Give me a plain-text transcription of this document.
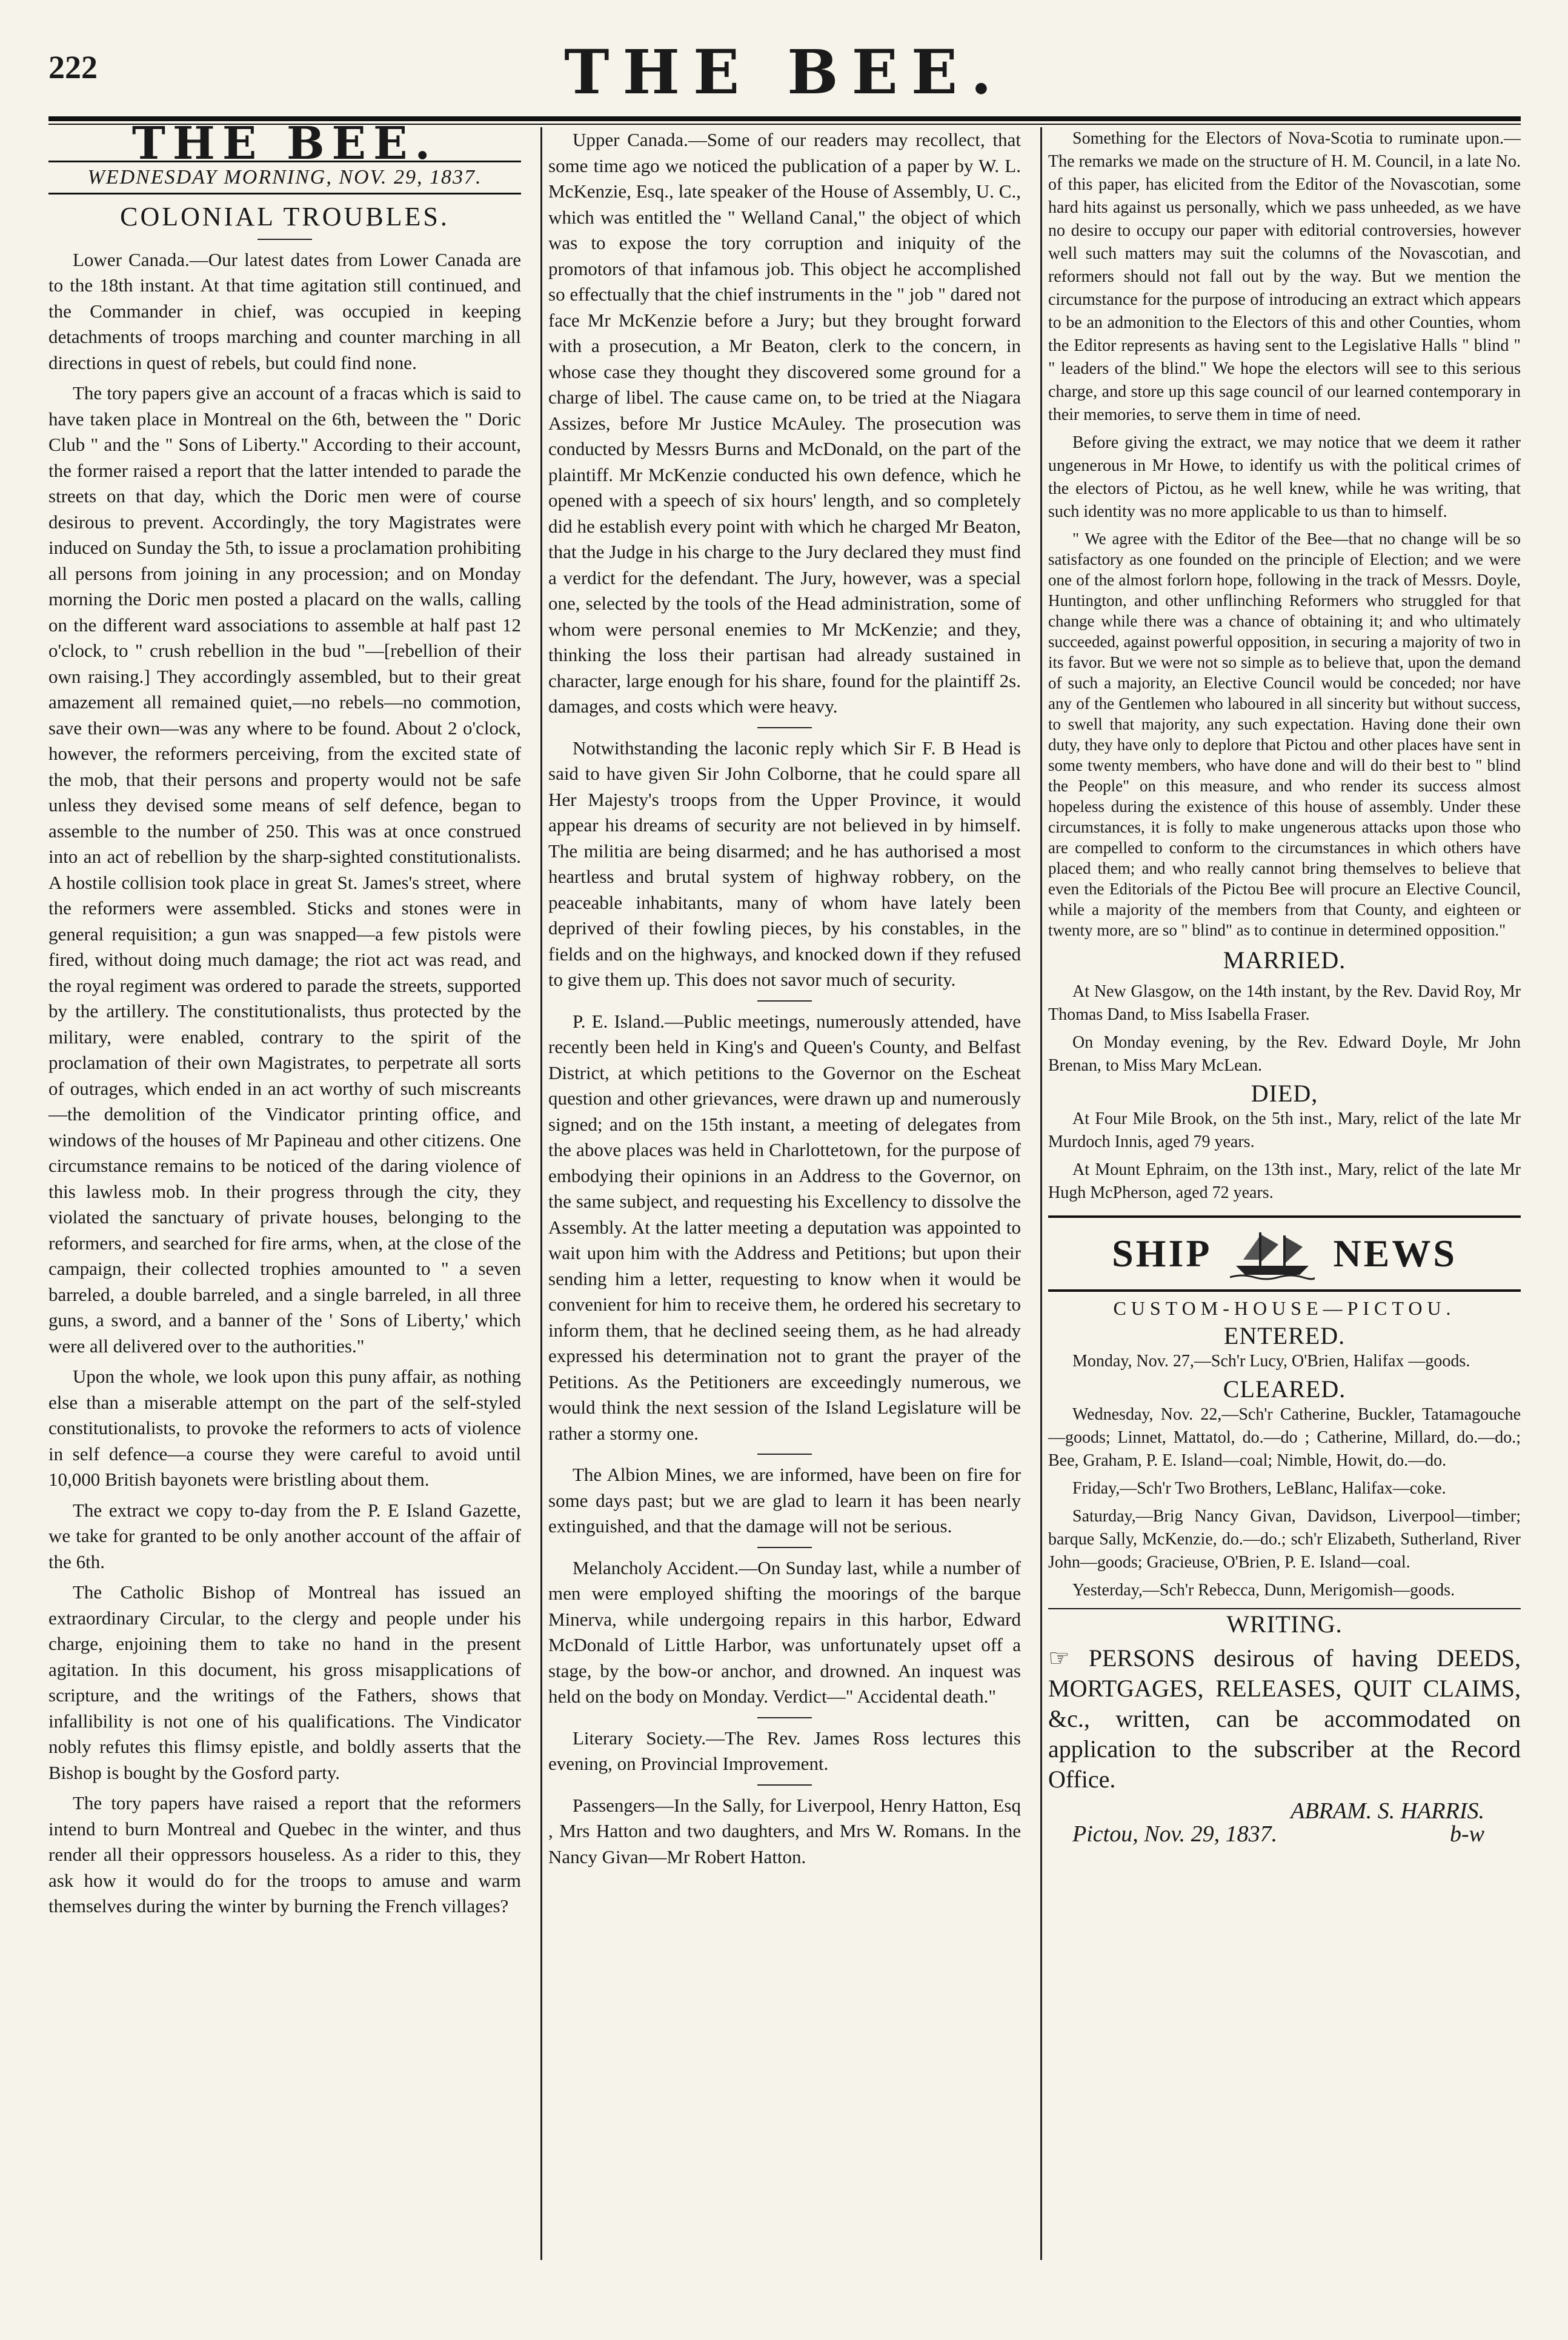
222	THE BEE.
THE BEE.
WEDNESDAY MORNING, NOV. 29, 1837.
COLONIAL TROUBLES.

Lower Canada.—Our latest dates from Lower Canada are to the 18th instant. At that time agitation still continued, and the Commander in chief, was occupied in keeping detachments of troops marching and counter marching in all directions in quest of rebels, but could find none.

The tory papers give an account of a fracas which is said to have taken place in Montreal on the 6th, between the " Doric Club " and the " Sons of Liberty." According to their account, the former raised a report that the latter intended to parade the streets on that day, which the Doric men were of course desirous to prevent. Accordingly, the tory Magistrates were induced on Sunday the 5th, to issue a proclamation prohibiting all persons from joining in any procession; and on Monday morning the Doric men posted a placard on the walls, calling on the different ward associations to assemble at half past 12 o'clock, to " crush rebellion in the bud "—[rebellion of their own raising.] They accordingly assembled, but to their great amazement all remained quiet,—no rebels—no commotion, save their own—was any where to be found. About 2 o'clock, however, the reformers perceiving, from the excited state of the mob, that their persons and property would not be safe unless they devised some means of self defence, began to assemble to the number of 250. This was at once construed into an act of rebellion by the sharp-sighted constitutionalists. A hostile collision took place in great St. James's street, where the reformers were assembled. Sticks and stones were in general requisition; a gun was snapped—a few pistols were fired, without doing much damage; the riot act was read, and the royal regiment was ordered to parade the streets, supported by the artillery. The constitutionalists, thus protected by the military, were enabled, contrary to the spirit of the proclamation of their own Magistrates, to perpetrate all sorts of outrages, which ended in an act worthy of such miscreants—the demolition of the Vindicator printing office, and windows of the houses of Mr Papineau and other citizens. One circumstance remains to be noticed of the daring violence of this lawless mob. In their progress through the city, they violated the sanctuary of private houses, belonging to the reformers, and searched for fire arms, when, at the close of the campaign, their collected trophies amounted to " a seven barreled, a double barreled, and a single barreled, in all three guns, a sword, and a banner of the ' Sons of Liberty,' which were all delivered over to the authorities."

Upon the whole, we look upon this puny affair, as nothing else than a miserable attempt on the part of the self-styled constitutionalists, to provoke the reformers to acts of violence in self defence—a course they were careful to avoid until 10,000 British bayonets were bristling about them.

The extract we copy to-day from the P. E Island Gazette, we take for granted to be only another account of the affair of the 6th.

The Catholic Bishop of Montreal has issued an extraordinary Circular, to the clergy and people under his charge, enjoining them to take no hand in the present agitation. In this document, his gross misapplications of scripture, and the writings of the Fathers, shows that infallibility is not one of his qualifications. The Vindicator nobly refutes this flimsy epistle, and boldly asserts that the Bishop is bought by the Gosford party.

The tory papers have raised a report that the reformers intend to burn Montreal and Quebec in the winter, and thus render all their oppressors houseless. As a rider to this, they ask how it would do for the troops to amuse and warm themselves during the winter by burning the French villages?

Upper Canada.—Some of our readers may recollect, that some time ago we noticed the publication of a paper by W. L. McKenzie, Esq., late speaker of the House of Assembly, U. C., which was entitled the " Welland Canal," the object of which was to expose the tory corruption and iniquity of the promotors of that infamous job. This object he accomplished so effectually that the chief instruments in the " job " dared not face Mr McKenzie before a Jury; but they brought forward with a prosecution, a Mr Beaton, clerk to the concern, in whose case they thought they discovered some ground for a charge of libel. The cause came on, to be tried at the Niagara Assizes, before Mr Justice McAuley. The prosecution was conducted by Messrs Burns and McDonald, on the part of the plaintiff. Mr McKenzie conducted his own defence, which he opened with a speech of six hours' length, and so completely did he establish every point with which he charged Mr Beaton, that the Judge in his charge to the Jury declared they must find a verdict for the defendant. The Jury, however, was a special one, selected by the tools of the Head administration, some of whom were personal enemies to Mr McKenzie; and they, thinking the loss their partisan had already sustained in character, large enough for his share, found for the plaintiff 2s. damages, and costs which were heavy.

Notwithstanding the laconic reply which Sir F. B Head is said to have given Sir John Colborne, that he could spare all Her Majesty's troops from the Upper Province, it would appear his dreams of security are not believed in by himself. The militia are being disarmed; and he has authorised a most heartless and brutal system of highway robbery, on the peaceable inhabitants, many of whom have lately been deprived of their fowling pieces, by his constables, in the fields and on the highways, and knocked down if they refused to give them up. This does not savor much of security.

P. E. Island.—Public meetings, numerously attended, have recently been held in King's and Queen's County, and Belfast District, at which petitions to the Governor on the Escheat question and other grievances, were drawn up and numerously signed; and on the 15th instant, a meeting of delegates from the above places was held in Charlottetown, for the purpose of embodying their opinions in an Address to the Governor, on the same subject, and requesting his Excellency to dissolve the Assembly. At the latter meeting a deputation was appointed to wait upon him with the Address and Petitions; but upon their sending him a letter, requesting to know when it would be convenient for him to receive them, he ordered his secretary to inform them, that he declined seeing them, as he had already expressed his determination not to grant the prayer of the Petitions. As the Petitioners are exceedingly numerous, we would think the next session of the Island Legislature will be rather a stormy one.

The Albion Mines, we are informed, have been on fire for some days past; but we are glad to learn it has been nearly extinguished, and that the damage will not be serious.

Melancholy Accident.—On Sunday last, while a number of men were employed shifting the moorings of the barque Minerva, while undergoing repairs in this harbor, Edward McDonald of Little Harbor, was unfortunately upset off a stage, by the bow-or anchor, and drowned. An inquest was held on the body on Monday. Verdict—" Accidental death."

Literary Society.—The Rev. James Ross lectures this evening, on Provincial Improvement.

Passengers—In the Sally, for Liverpool, Henry Hatton, Esq , Mrs Hatton and two daughters, and Mrs W. Romans. In the Nancy Givan—Mr Robert Hatton.

Something for the Electors of Nova-Scotia to ruminate upon.—The remarks we made on the structure of H. M. Council, in a late No. of this paper, has elicited from the Editor of the Novascotian, some hard hits against us personally, which we pass unheeded, as we have no desire to occupy our paper with editorial controversies, however well such matters may suit the columns of the Novascotian, and reformers should not fall out by the way. But we mention the circumstance for the purpose of introducing an extract which appears to be an admonition to the Electors of this and other Counties, whom the Editor represents as having sent to the Legislative Halls " blind " " leaders of the blind." We hope the electors will see to this serious charge, and store up this sage council of our learned contemporary in their memories, to serve them in time of need.

Before giving the extract, we may notice that we deem it rather ungenerous in Mr Howe, to identify us with the political crimes of the electors of Pictou, as he well knew, while he was writing, that such identity was no more applicable to us than to himself.

" We agree with the Editor of the Bee—that no change will be so satisfactory as one founded on the principle of Election; and we were one of the almost forlorn hope, following in the track of Messrs. Doyle, Huntington, and other unflinching Reformers who struggled for that change while there was a chance of obtaining it; and who ultimately succeeded, against powerful opposition, in securing a majority of two in its favor. But we were not so simple as to believe that, upon the demand of such a majority, an Elective Council would be conceded; nor have any of the Gentlemen who laboured in all sincerity but without success, to swell that majority, any such expectation. Having done their own duty, they have only to deplore that Pictou and other places have sent in some twenty members, who have done and will do their best to " blind the People" on this measure, and who render its success almost hopeless during the existence of this house of assembly. Under these circumstances, it is folly to make ungenerous attacks upon those who are compelled to conform to the circumstances in which others have placed them; and who really cannot bring themselves to believe that even the Editorials of the Pictou Bee will procure an Elective Council, while a majority of the members from that County, and eighteen or twenty more, are so " blind" as to continue in determined opposition."

MARRIED.

At New Glasgow, on the 14th instant, by the Rev. David Roy, Mr Thomas Dand, to Miss Isabella Fraser.

On Monday evening, by the Rev. Edward Doyle, Mr John Brenan, to Miss Mary McLean.

DIED,

At Four Mile Brook, on the 5th inst., Mary, relict of the late Mr Murdoch Innis, aged 79 years.

At Mount Ephraim, on the 13th inst., Mary, relict of the late Mr Hugh McPherson, aged 72 years.

SHIP	NEWS
CUSTOM-HOUSE—PICTOU.
ENTERED.

Monday, Nov. 27,—Sch'r Lucy, O'Brien, Halifax —goods.

CLEARED.

Wednesday, Nov. 22,—Sch'r Catherine, Buckler, Tatamagouche—goods; Linnet, Mattatol, do.—do ; Catherine, Millard, do.—do.; Bee, Graham, P. E. Island—coal; Nimble, Howit, do.—do.

Friday,—Sch'r Two Brothers, LeBlanc, Halifax—coke.

Saturday,—Brig Nancy Givan, Davidson, Liverpool—timber; barque Sally, McKenzie, do.—do.; sch'r Elizabeth, Sutherland, River John—goods; Gracieuse, O'Brien, P. E. Island—coal.

Yesterday,—Sch'r Rebecca, Dunn, Merigomish—goods.

WRITING.

☞ PERSONS desirous of having DEEDS, MORTGAGES, RELEASES, QUIT CLAIMS, &c., written, can be accommodated on application to the subscriber at the Record Office.

ABRAM. S. HARRIS.
Pictou, Nov. 29, 1837.	b-w
